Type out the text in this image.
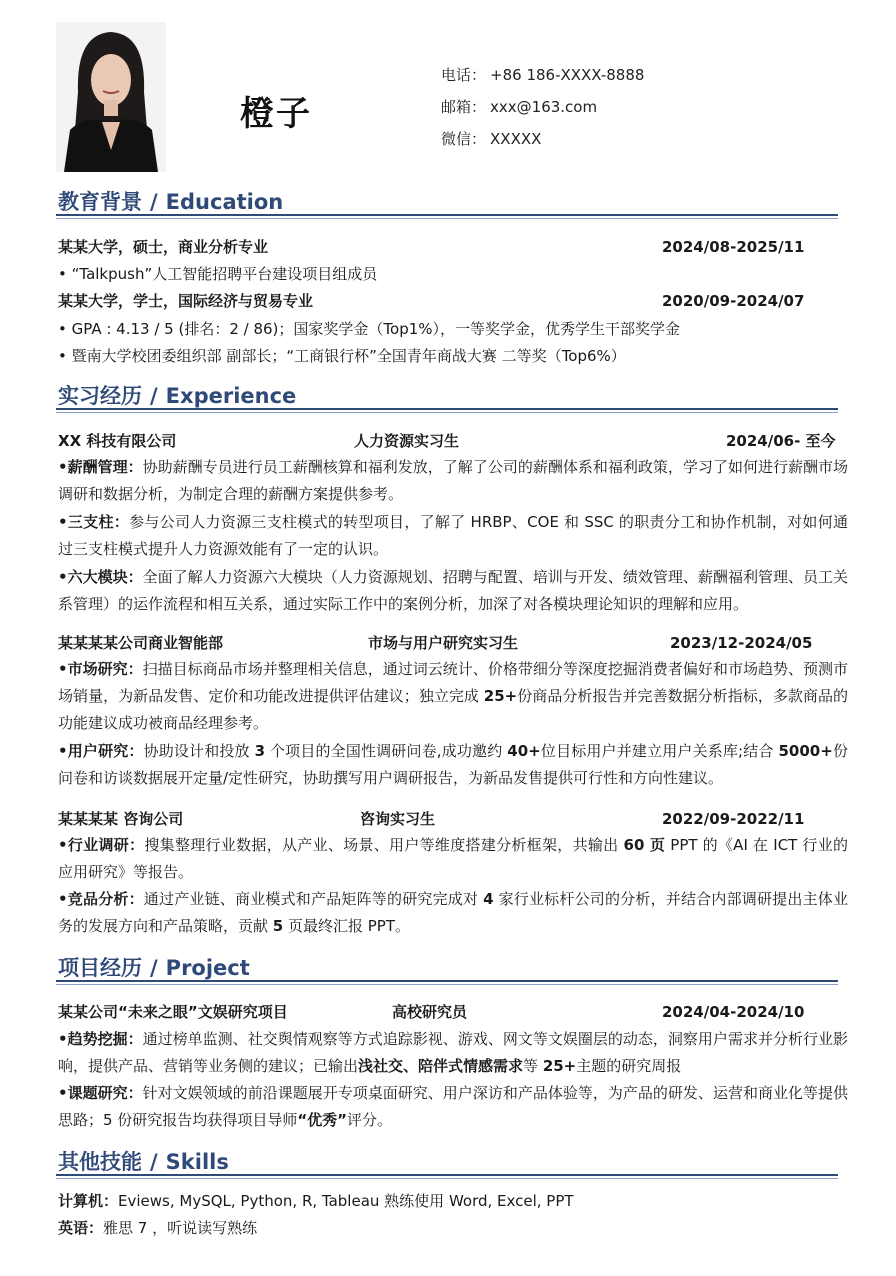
橙子
电话： +86 186-XXXX-8888
邮箱： xxx@163.com
微信： XXXXX
教育背景 / Education
某某大学，硕士，商业分析专业	2024/08-2025/11
• “Talkpush”人工智能招聘平台建设项目组成员
某某大学，学士，国际经济与贸易专业	2020/09-2024/07
• GPA : 4.13 / 5 (排名：2 / 86)；国家奖学金（Top1%），一等奖学金，优秀学生干部奖学金
• 暨南大学校团委组织部 副部长；“工商银行杯”全国青年商战大赛 二等奖（Top6%）
实习经历 / Experience
XX 科技有限公司	人力资源实习生	2024/06- 至今
•薪酬管理：协助薪酬专员进行员工薪酬核算和福利发放，了解了公司的薪酬体系和福利政策，学习了如何进行薪酬市场调研和数据分析，为制定合理的薪酬方案提供参考。
•三支柱：参与公司人力资源三支柱模式的转型项目，了解了 HRBP、COE 和 SSC 的职责分工和协作机制，对如何通过三支柱模式提升人力资源效能有了一定的认识。
•六大模块：全面了解人力资源六大模块（人力资源规划、招聘与配置、培训与开发、绩效管理、薪酬福利管理、员工关系管理）的运作流程和相互关系，通过实际工作中的案例分析，加深了对各模块理论知识的理解和应用。
某某某某公司商业智能部	市场与用户研究实习生	2023/12-2024/05
•市场研究：扫描目标商品市场并整理相关信息，通过词云统计、价格带细分等深度挖掘消费者偏好和市场趋势、预测市场销量，为新品发售、定价和功能改进提供评估建议；独立完成 25+份商品分析报告并完善数据分析指标，多款商品的功能建议成功被商品经理参考。
•用户研究：协助设计和投放 3 个项目的全国性调研问卷,成功邀约 40+位目标用户并建立用户关系库;结合 5000+份问卷和访谈数据展开定量/定性研究，协助撰写用户调研报告，为新品发售提供可行性和方向性建议。
某某某某 咨询公司	咨询实习生	2022/09-2022/11
•行业调研：搜集整理行业数据，从产业、场景、用户等维度搭建分析框架，共输出 60 页 PPT 的《AI 在 ICT 行业的应用研究》等报告。
•竞品分析：通过产业链、商业模式和产品矩阵等的研究完成对 4 家行业标杆公司的分析，并结合内部调研提出主体业务的发展方向和产品策略，贡献 5 页最终汇报 PPT。
项目经历 / Project
某某公司“未来之眼”文娱研究项目	高校研究员	2024/04-2024/10
•趋势挖掘：通过榜单监测、社交舆情观察等方式追踪影视、游戏、网文等文娱圈层的动态，洞察用户需求并分析行业影响，提供产品、营销等业务侧的建议；已输出浅社交、陪伴式情感需求等 25+主题的研究周报
•课题研究：针对文娱领域的前沿课题展开专项桌面研究、用户深访和产品体验等，为产品的研发、运营和商业化等提供思路；5 份研究报告均获得项目导师“优秀”评分。
其他技能 / Skills
计算机：Eviews, MySQL, Python, R, Tableau 熟练使用 Word, Excel, PPT
英语：雅思 7 ，听说读写熟练
